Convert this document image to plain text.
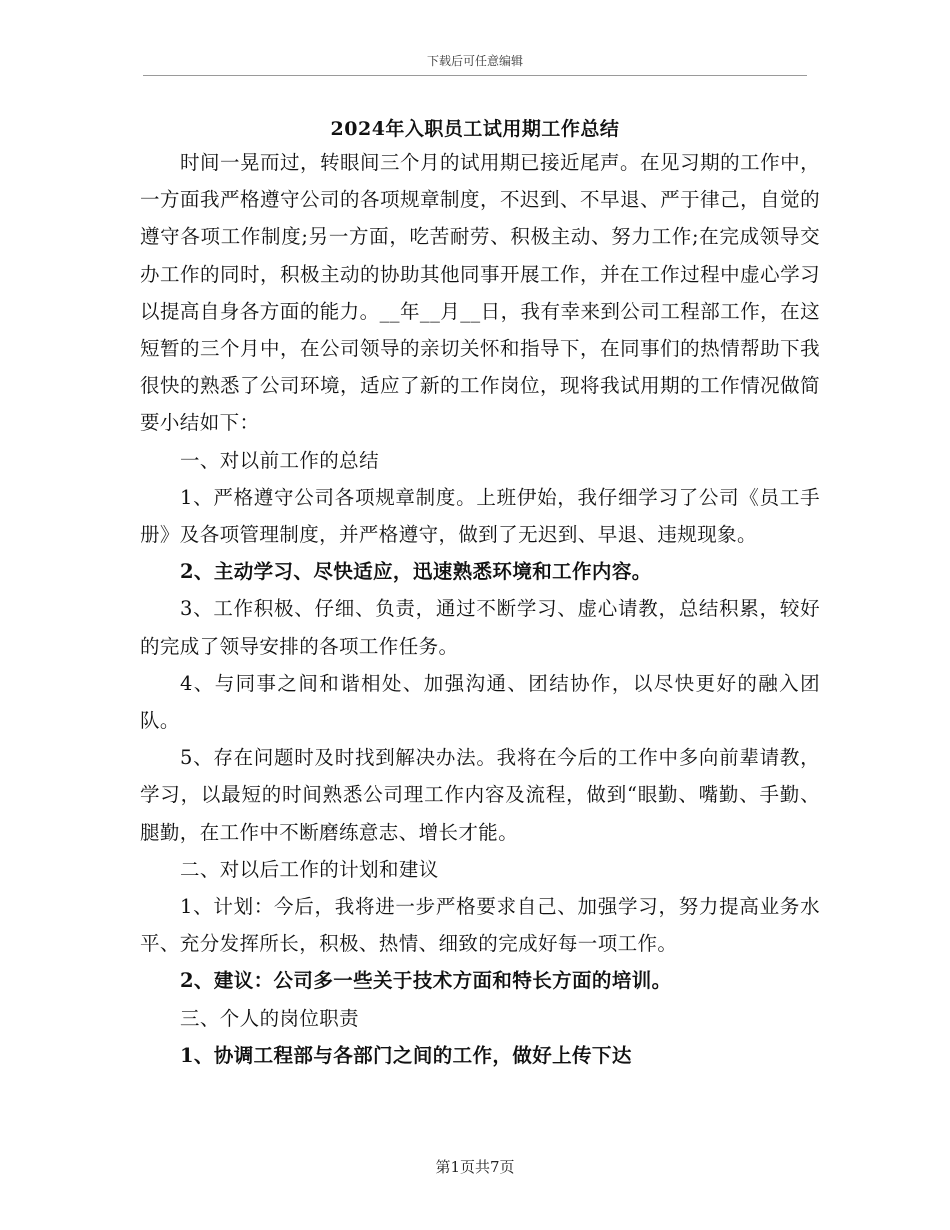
下载后可任意编辑
2024年入职员工试用期工作总结

时间一晃而过，转眼间三个月的试用期已接近尾声。在见习期的工作中，一方面我严格遵守公司的各项规章制度，不迟到、不早退、严于律己，自觉的遵守各项工作制度;另一方面，吃苦耐劳、积极主动、努力工作;在完成领导交办工作的同时，积极主动的协助其他同事开展工作，并在工作过程中虚心学习以提高自身各方面的能力。__年__月__日，我有幸来到公司工程部工作，在这短暂的三个月中，在公司领导的亲切关怀和指导下，在同事们的热情帮助下我很快的熟悉了公司环境，适应了新的工作岗位，现将我试用期的工作情况做简要小结如下：

一、对以前工作的总结

1、严格遵守公司各项规章制度。上班伊始，我仔细学习了公司《员工手册》及各项管理制度，并严格遵守，做到了无迟到、早退、违规现象。

2、主动学习、尽快适应，迅速熟悉环境和工作内容。

3、工作积极、仔细、负责，通过不断学习、虚心请教，总结积累，较好的完成了领导安排的各项工作任务。

4、与同事之间和谐相处、加强沟通、团结协作，以尽快更好的融入团队。

5、存在问题时及时找到解决办法。我将在今后的工作中多向前辈请教，学习，以最短的时间熟悉公司理工作内容及流程，做到“眼勤、嘴勤、手勤、腿勤，在工作中不断磨练意志、增长才能。

二、对以后工作的计划和建议

1、计划：今后，我将进一步严格要求自己、加强学习，努力提高业务水平、充分发挥所长，积极、热情、细致的完成好每一项工作。

2、建议：公司多一些关于技术方面和特长方面的培训。

三、个人的岗位职责

1、协调工程部与各部门之间的工作，做好上传下达

第1页共7页
